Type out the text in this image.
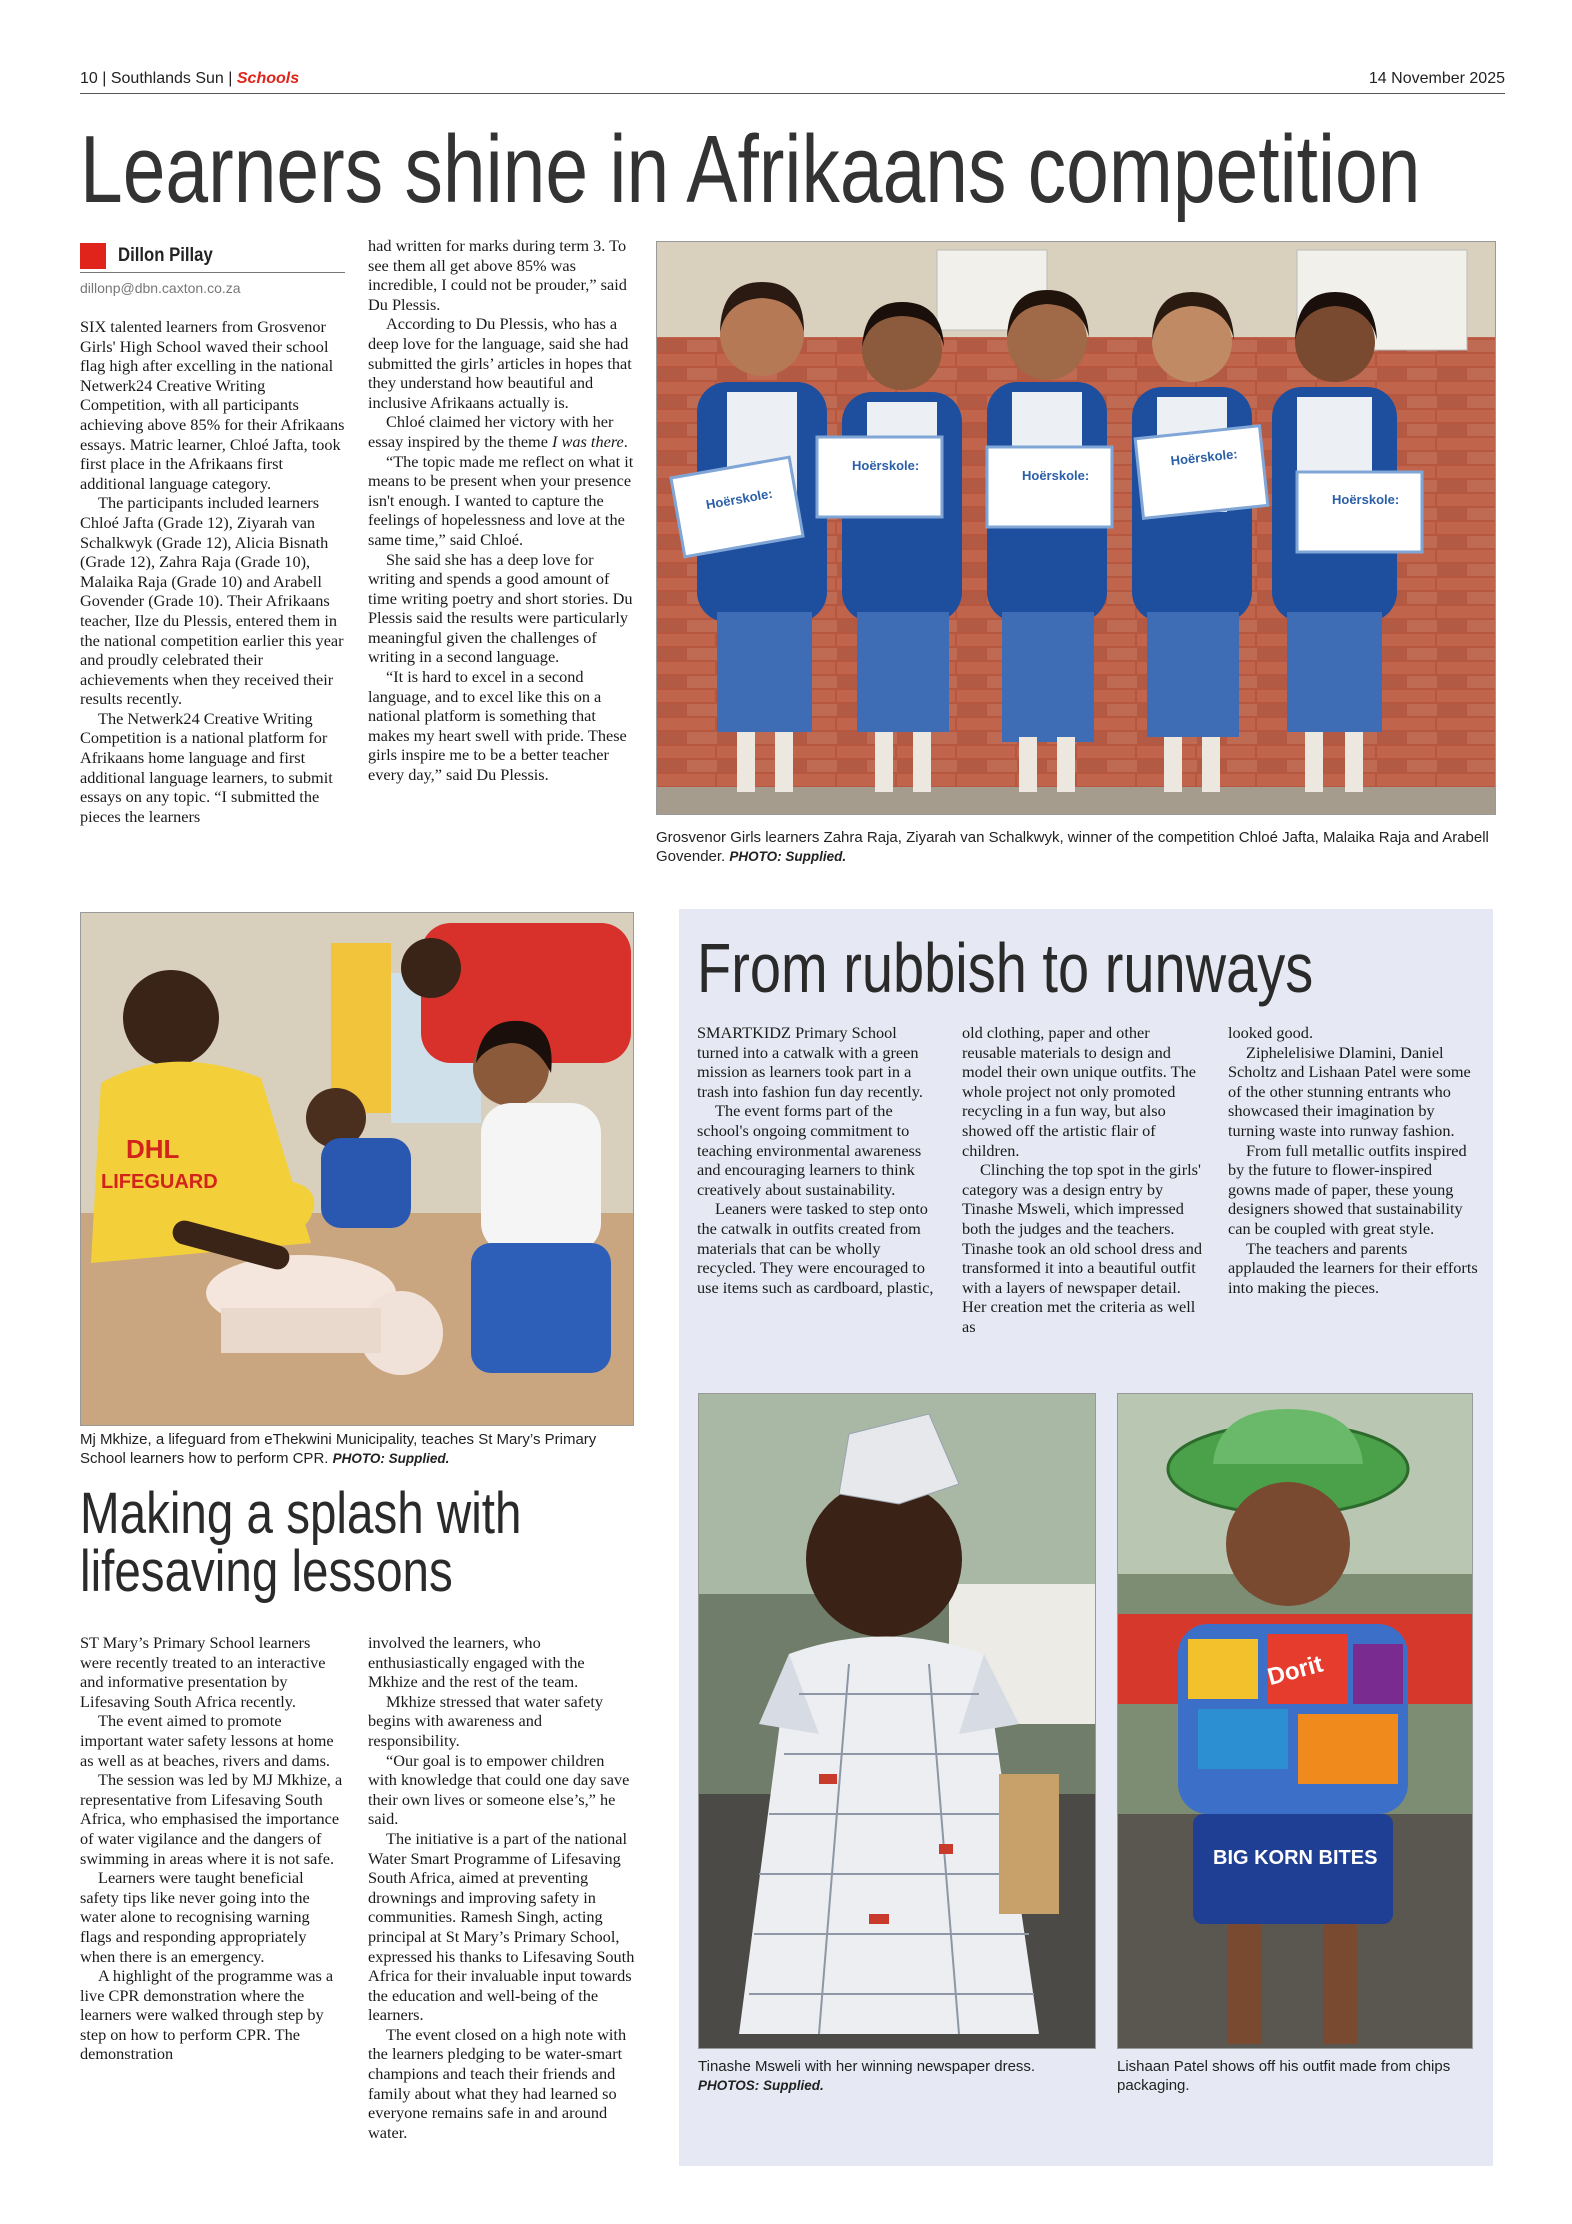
10 | Southlands Sun | Schools	14 November 2025
Learners shine in Afrikaans competition
Dillon Pillay
dillonp@dbn.caxton.co.za

SIX talented learners from Grosvenor Girls' High School waved their school flag high after excelling in the national Netwerk24 Creative Writing Competition, with all participants achieving above 85% for their Afrikaans essays. Matric learner, Chloé Jafta, took first place in the Afrikaans first additional language category.

The participants included learners Chloé Jafta (Grade 12), Ziyarah van Schalkwyk (Grade 12), Alicia Bisnath (Grade 12), Zahra Raja (Grade 10), Malaika Raja (Grade 10) and Arabell Govender (Grade 10). Their Afrikaans teacher, Ilze du Plessis, entered them in the national competition earlier this year and proudly celebrated their achievements when they received their results recently.

The Netwerk24 Creative Writing Competition is a national platform for Afrikaans home language and first additional language learners, to submit essays on any topic. “I submitted the pieces the learners

had written for marks during term 3. To see them all get above 85% was incredible, I could not be prouder,” said Du Plessis.

According to Du Plessis, who has a deep love for the language, said she had submitted the girls’ articles in hopes that they understand how beautiful and inclusive Afrikaans actually is.

Chloé claimed her victory with her essay inspired by the theme I was there.

“The topic made me reflect on what it means to be present when your presence isn't enough. I wanted to capture the feelings of hopelessness and love at the same time,” said Chloé.

She said she has a deep love for writing and spends a good amount of time writing poetry and short stories. Du Plessis said the results were particularly meaningful given the challenges of writing in a second language.

“It is hard to excel in a second language, and to excel like this on a national platform is something that makes my heart swell with pride. These girls inspire me to be a better teacher every day,” said Du Plessis.

Hoërskole:
Hoërskole:
Hoërskole:
Hoërskole:
Hoërskole:
Grosvenor Girls learners Zahra Raja, Ziyarah van Schalkwyk, winner of the competition Chloé Jafta, Malaika Raja and Arabell Govender. PHOTO: Supplied.
DHL
LIFEGUARD
Mj Mkhize, a lifeguard from eThekwini Municipality, teaches St Mary’s Primary School learners how to perform CPR. PHOTO: Supplied.
From rubbish to runways

SMARTKIDZ Primary School turned into a catwalk with a green mission as learners took part in a trash into fashion fun day recently.

The event forms part of the school's ongoing commitment to teaching environmental awareness and encouraging learners to think creatively about sustainability.

Leaners were tasked to step onto the catwalk in outfits created from materials that can be wholly recycled. They were encouraged to use items such as cardboard, plastic,

old clothing, paper and other reusable materials to design and model their own unique outfits. The whole project not only promoted recycling in a fun way, but also showed off the artistic flair of children.

Clinching the top spot in the girls' category was a design entry by Tinashe Msweli, which impressed both the judges and the teachers. Tinashe took an old school dress and transformed it into a beautiful outfit with a layers of newspaper detail. Her creation met the criteria as well as

looked good.

Ziphelelisiwe Dlamini, Daniel Scholtz and Lishaan Patel were some of the other stunning entrants who showcased their imagination by turning waste into runway fashion.

From full metallic outfits inspired by the future to flower-inspired gowns made of paper, these young designers showed that sustainability can be coupled with great style.

The teachers and parents applauded the learners for their efforts into making the pieces.

Tinashe Msweli with her winning newspaper dress.
PHOTOS: Supplied.
Dorit
BIG KORN BITES
Lishaan Patel shows off his outfit made from chips packaging.
Making a splash with
lifesaving lessons

ST Mary’s Primary School learners were recently treated to an interactive and informative presentation by Lifesaving South Africa recently.

The event aimed to promote important water safety lessons at home as well as at beaches, rivers and dams.

The session was led by MJ Mkhize, a representative from Lifesaving South Africa, who emphasised the importance of water vigilance and the dangers of swimming in areas where it is not safe.

Learners were taught beneficial safety tips like never going into the water alone to recognising warning flags and responding appropriately when there is an emergency.

A highlight of the programme was a live CPR demonstration where the learners were walked through step by step on how to perform CPR. The demonstration

involved the learners, who enthusiastically engaged with the Mkhize and the rest of the team.

Mkhize stressed that water safety begins with awareness and responsibility.

“Our goal is to empower children with knowledge that could one day save their own lives or someone else’s,” he said.

The initiative is a part of the national Water Smart Programme of Lifesaving South Africa, aimed at preventing drownings and improving safety in communities. Ramesh Singh, acting principal at St Mary’s Primary School, expressed his thanks to Lifesaving South Africa for their invaluable input towards the education and well-being of the learners.

The event closed on a high note with the learners pledging to be water-smart champions and teach their friends and family about what they had learned so everyone remains safe in and around water.
